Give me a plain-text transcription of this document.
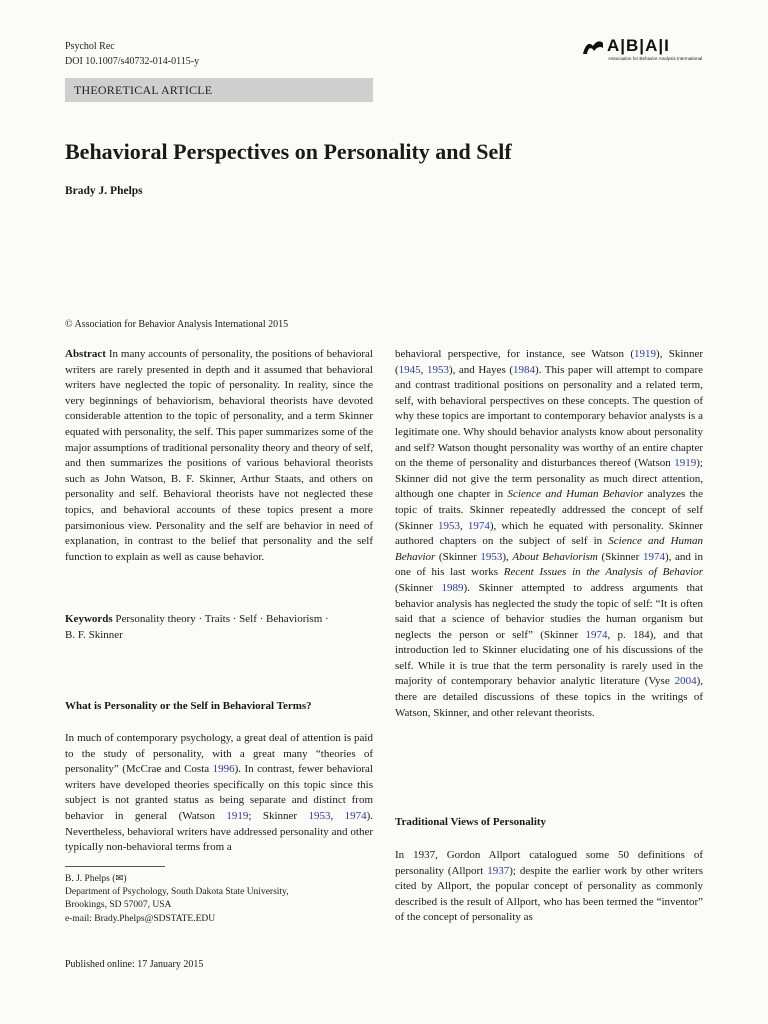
Psychol Rec
DOI 10.1007/s40732-014-0115-y
A|B|A|I
Association for Behavior Analysis International
THEORETICAL ARTICLE
Behavioral Perspectives on Personality and Self
Brady J. Phelps
© Association for Behavior Analysis International 2015
Abstract In many accounts of personality, the positions of behavioral writers are rarely presented in depth and it assumed that behavioral writers have neglected the topic of personality. In reality, since the very beginnings of behaviorism, behavioral theorists have devoted considerable attention to the topic of personality, and a term Skinner equated with personality, the self. This paper summarizes some of the major assumptions of traditional personality theory and theory of self, and then summarizes the positions of various behavioral theorists such as John Watson, B. F. Skinner, Arthur Staats, and others on personality and self. Behavioral theorists have not neglected these topics, and behavioral accounts of these topics present a more parsimonious view. Personality and the self are behavior in need of explanation, in contrast to the belief that personality and the self function to explain as well as cause behavior.
Keywords Personality theory · Traits · Self · Behaviorism ·
B. F. Skinner
What is Personality or the Self in Behavioral Terms?
In much of contemporary psychology, a great deal of attention is paid to the study of personality, with a great many “theories of personality” (McCrae and Costa 1996). In contrast, fewer behavioral writers have developed theories specifically on this topic since this subject is not granted status as being separate and distinct from behavior in general (Watson 1919; Skinner 1953, 1974). Nevertheless, behavioral writers have addressed personality and other typically non-behavioral terms from a
B. J. Phelps (✉)
Department of Psychology, South Dakota State University,
Brookings, SD 57007, USA
e-mail: Brady.Phelps@SDSTATE.EDU
Published online: 17 January 2015
behavioral perspective, for instance, see Watson (1919), Skinner (1945, 1953), and Hayes (1984). This paper will attempt to compare and contrast traditional positions on personality and a related term, self, with behavioral perspectives on these concepts. The question of why these topics are important to contemporary behavior analysts is a legitimate one. Why should behavior analysts know about personality and self? Watson thought personality was worthy of an entire chapter on the theme of personality and disturbances thereof (Watson 1919); Skinner did not give the term personality as much direct attention, although one chapter in Science and Human Behavior analyzes the topic of traits. Skinner repeatedly addressed the concept of self (Skinner 1953, 1974), which he equated with personality. Skinner authored chapters on the subject of self in Science and Human Behavior (Skinner 1953), About Behaviorism (Skinner 1974), and in one of his last works Recent Issues in the Analysis of Behavior (Skinner 1989). Skinner attempted to address arguments that behavior analysis has neglected the study the topic of self: “It is often said that a science of behavior studies the human organism but neglects the person or self” (Skinner 1974, p. 184), and that introduction led to Skinner elucidating one of his discussions of the self. While it is true that the term personality is rarely used in the majority of contemporary behavior analytic literature (Vyse 2004), there are detailed discussions of these topics in the writings of Watson, Skinner, and other relevant theorists.
Traditional Views of Personality
In 1937, Gordon Allport catalogued some 50 definitions of personality (Allport 1937); despite the earlier work by other writers cited by Allport, the popular concept of personality as commonly described is the result of Allport, who has been termed the “inventor” of the concept of personality as
